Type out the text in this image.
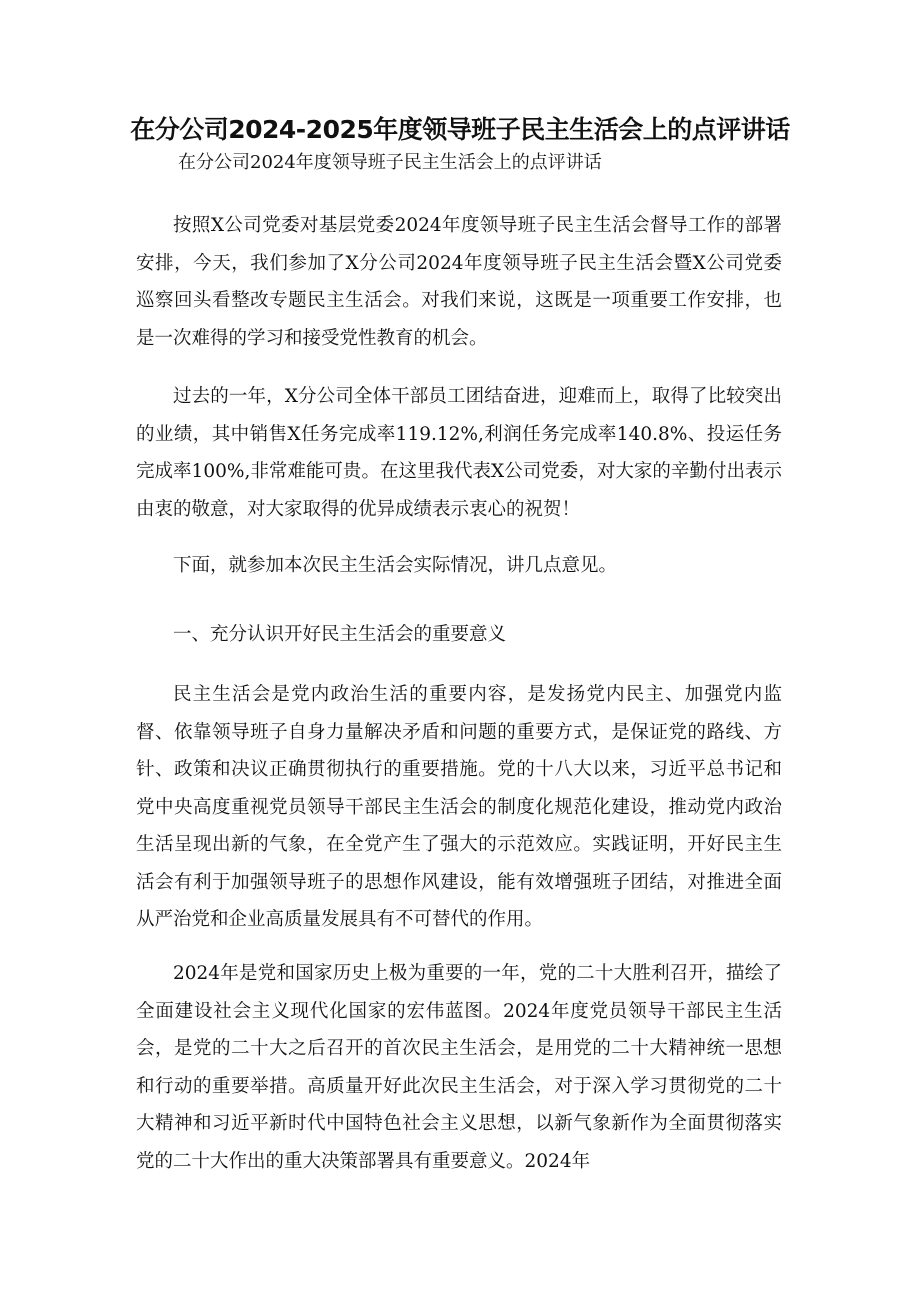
在分公司2024-2025年度领导班子民主生活会上的点评讲话
在分公司2024年度领导班子民主生活会上的点评讲话

按照X公司党委对基层党委2024年度领导班子民主生活会督导工作的部署安排，今天，我们参加了X分公司2024年度领导班子民主生活会暨X公司党委巡察回头看整改专题民主生活会。对我们来说，这既是一项重要工作安排，也是一次难得的学习和接受党性教育的机会。

过去的一年，X分公司全体干部员工团结奋进，迎难而上，取得了比较突出的业绩，其中销售X任务完成率119.12%,利润任务完成率140.8%、投运任务完成率100%,非常难能可贵。在这里我代表X公司党委，对大家的辛勤付出表示由衷的敬意，对大家取得的优异成绩表示衷心的祝贺！

下面，就参加本次民主生活会实际情况，讲几点意见。

一、充分认识开好民主生活会的重要意义

民主生活会是党内政治生活的重要内容，是发扬党内民主、加强党内监督、依靠领导班子自身力量解决矛盾和问题的重要方式，是保证党的路线、方针、政策和决议正确贯彻执行的重要措施。党的十八大以来，习近平总书记和党中央高度重视党员领导干部民主生活会的制度化规范化建设，推动党内政治生活呈现出新的气象，在全党产生了强大的示范效应。实践证明，开好民主生活会有利于加强领导班子的思想作风建设，能有效增强班子团结，对推进全面从严治党和企业高质量发展具有不可替代的作用。

2024年是党和国家历史上极为重要的一年，党的二十大胜利召开，描绘了全面建设社会主义现代化国家的宏伟蓝图。2024年度党员领导干部民主生活会，是党的二十大之后召开的首次民主生活会，是用党的二十大精神统一思想和行动的重要举措。高质量开好此次民主生活会，对于深入学习贯彻党的二十大精神和习近平新时代中国特色社会主义思想，以新气象新作为全面贯彻落实党的二十大作出的重大决策部署具有重要意义。2024年
